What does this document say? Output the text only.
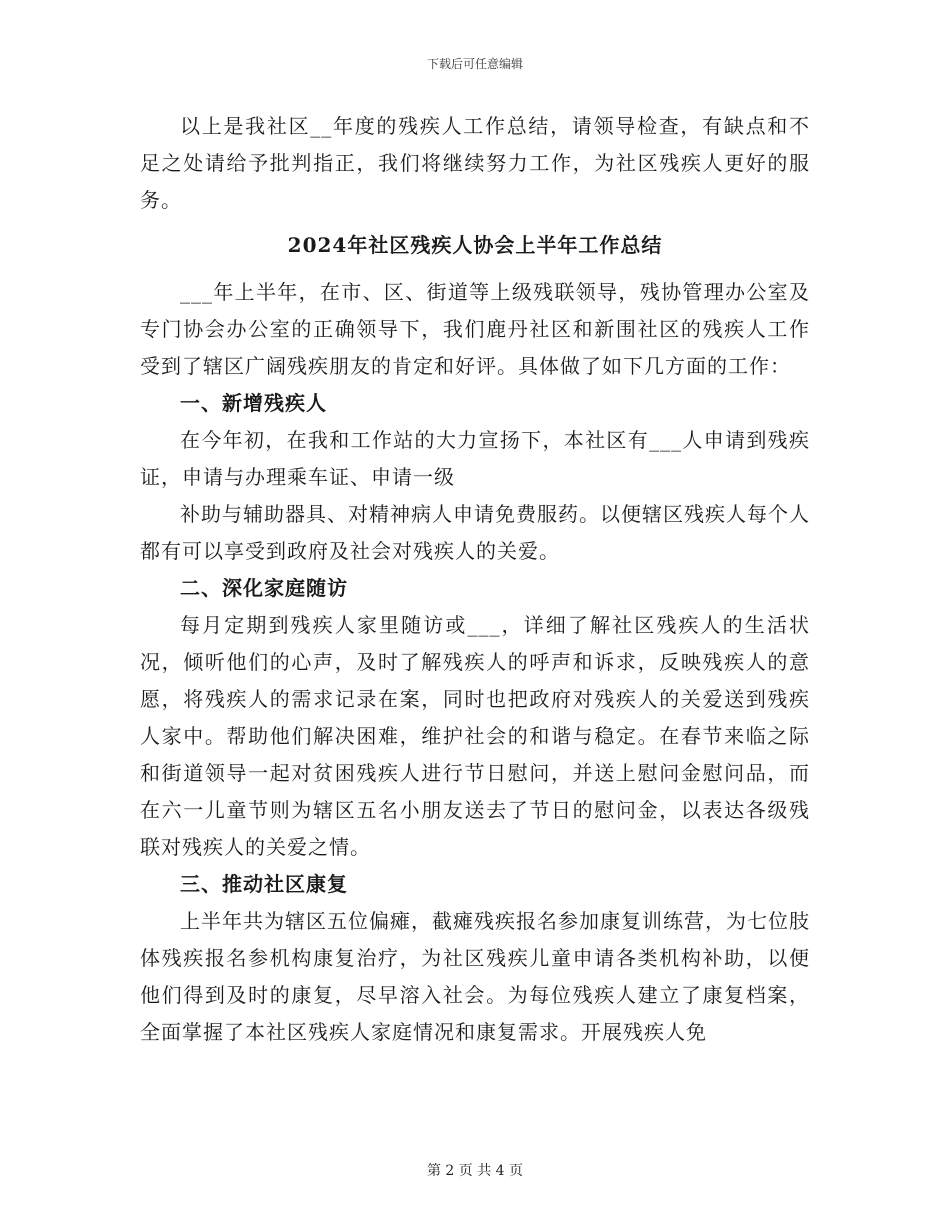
下载后可任意编辑

以上是我社区__年度的残疾人工作总结，请领导检查，有缺点和不足之处请给予批判指正，我们将继续努力工作，为社区残疾人更好的服务。

2024年社区残疾人协会上半年工作总结

___年上半年，在市、区、街道等上级残联领导，残协管理办公室及专门协会办公室的正确领导下，我们鹿丹社区和新围社区的残疾人工作受到了辖区广阔残疾朋友的肯定和好评。具体做了如下几方面的工作：

一、新增残疾人

在今年初，在我和工作站的大力宣扬下，本社区有___人申请到残疾证，申请与办理乘车证、申请一级

补助与辅助器具、对精神病人申请免费服药。以便辖区残疾人每个人都有可以享受到政府及社会对残疾人的关爱。

二、深化家庭随访

每月定期到残疾人家里随访或___，详细了解社区残疾人的生活状况，倾听他们的心声，及时了解残疾人的呼声和诉求，反映残疾人的意愿，将残疾人的需求记录在案，同时也把政府对残疾人的关爱送到残疾人家中。帮助他们解决困难，维护社会的和谐与稳定。在春节来临之际和街道领导一起对贫困残疾人进行节日慰问，并送上慰问金慰问品，而在六一儿童节则为辖区五名小朋友送去了节日的慰问金，以表达各级残联对残疾人的关爱之情。

三、推动社区康复

上半年共为辖区五位偏瘫，截瘫残疾报名参加康复训练营，为七位肢体残疾报名参机构康复治疗，为社区残疾儿童申请各类机构补助，以便他们得到及时的康复，尽早溶入社会。为每位残疾人建立了康复档案，全面掌握了本社区残疾人家庭情况和康复需求。开展残疾人免

第 2 页 共 4 页
